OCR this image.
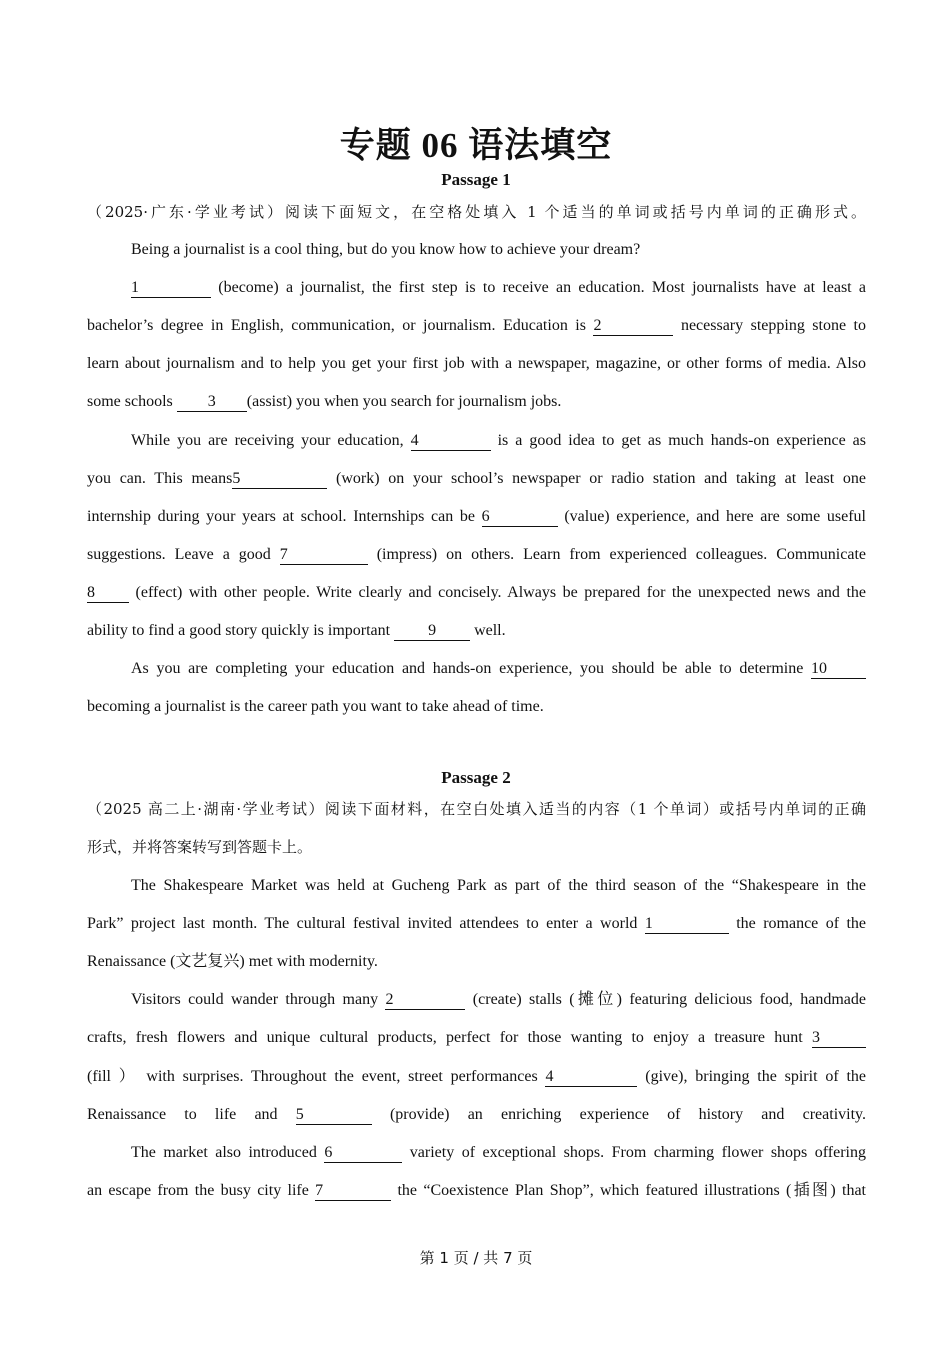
专题 06 语法填空
Passage 1
（2025·广东·学业考试）阅读下面短文，在空格处填入 1 个适当的单词或括号内单词的正确形式。
Being a journalist is a cool thing, but do you know how to achieve your dream?
1	(become) a journalist, the first step is to receive an education. Most journalists have at least a
bachelor’s degree in English, communication, or journalism. Education is 2	necessary stepping stone to
learn about journalism and to help you get your first job with a newspaper, magazine, or other forms of media. Also
some schools 3 (assist) you when you search for journalism jobs.
While you are receiving your education, 4	is a good idea to get as much hands-on experience as
you can. This means5	(work) on your school’s newspaper or radio station and taking at least one
internship during your years at school. Internships can be 6	(value) experience, and here are some useful
suggestions. Leave a good 7	(impress) on others. Learn from experienced colleagues. Communicate
8 (effect) with other people. Write clearly and concisely. Always be prepared for the unexpected news and the
ability to find a good story quickly is important 9 well.
As you are completing your education and hands-on experience, you should be able to determine 10
becoming a journalist is the career path you want to take ahead of time.
Passage 2
（2025 高二上·湖南·学业考试）阅读下面材料，在空白处填入适当的内容（1 个单词）或括号内单词的正确
形式，并将答案转写到答题卡上。
The Shakespeare Market was held at Gucheng Park as part of the third season of the “Shakespeare in the
Park” project last month. The cultural festival invited attendees to enter a world 1	the romance of the
Renaissance (文艺复兴) met with modernity.
Visitors could wander through many 2	(create) stalls (摊位) featuring delicious food, handmade
crafts, fresh flowers and unique cultural products, perfect for those wanting to enjoy a treasure hunt 3
(fill ） with surprises. Throughout the event, street performances 4	(give), bringing the spirit of the
Renaissance to life and 5	(provide) an enriching experience of history and creativity.
The market also introduced 6	variety of exceptional shops. From charming flower shops offering
an escape from the busy city life 7	the “Coexistence Plan Shop”, which featured illustrations (插图) that
第 1 页 / 共 7 页
